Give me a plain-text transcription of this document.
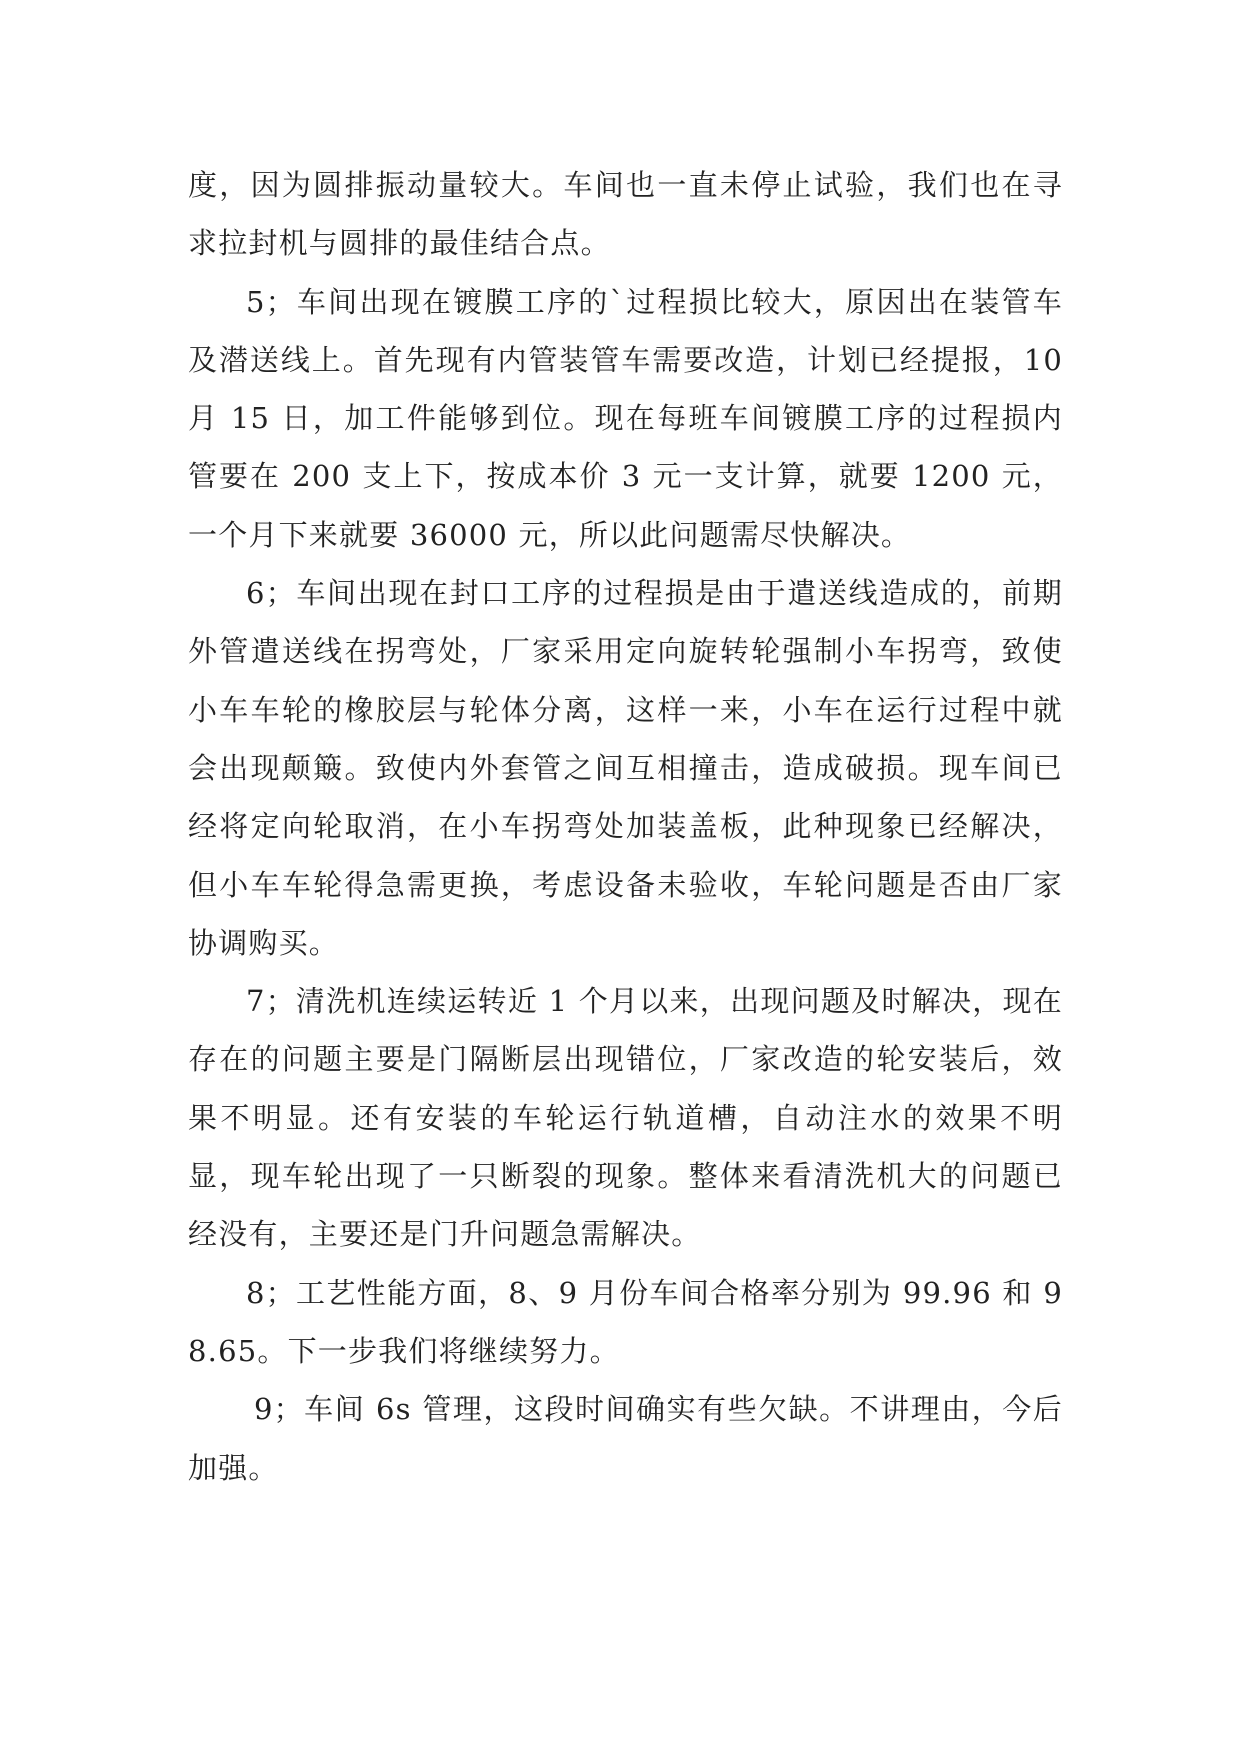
度，因为圆排振动量较大。车间也一直未停止试验，我们也在寻求拉封机与圆排的最佳结合点。

5；车间出现在镀膜工序的`过程损比较大，原因出在装管车及潜送线上。首先现有内管装管车需要改造，计划已经提报，10 月 15 日，加工件能够到位。现在每班车间镀膜工序的过程损内管要在 200 支上下，按成本价 3 元一支计算，就要 1200 元，一个月下来就要 36000 元，所以此问题需尽快解决。

6；车间出现在封口工序的过程损是由于遣送线造成的，前期外管遣送线在拐弯处，厂家采用定向旋转轮强制小车拐弯，致使小车车轮的橡胶层与轮体分离，这样一来，小车在运行过程中就会出现颠簸。致使内外套管之间互相撞击，造成破损。现车间已经将定向轮取消，在小车拐弯处加装盖板，此种现象已经解决，但小车车轮得急需更换，考虑设备未验收，车轮问题是否由厂家协调购买。

7；清洗机连续运转近 1 个月以来，出现问题及时解决，现在存在的问题主要是门隔断层出现错位，厂家改造的轮安装后，效果不明显。还有安装的车轮运行轨道槽，自动注水的效果不明显，现车轮出现了一只断裂的现象。整体来看清洗机大的问题已经没有，主要还是门升问题急需解决。

8；工艺性能方面，8、9 月份车间合格率分别为 99.96 和 98.65。下一步我们将继续努力。

9；车间 6s 管理，这段时间确实有些欠缺。不讲理由，今后加强。
